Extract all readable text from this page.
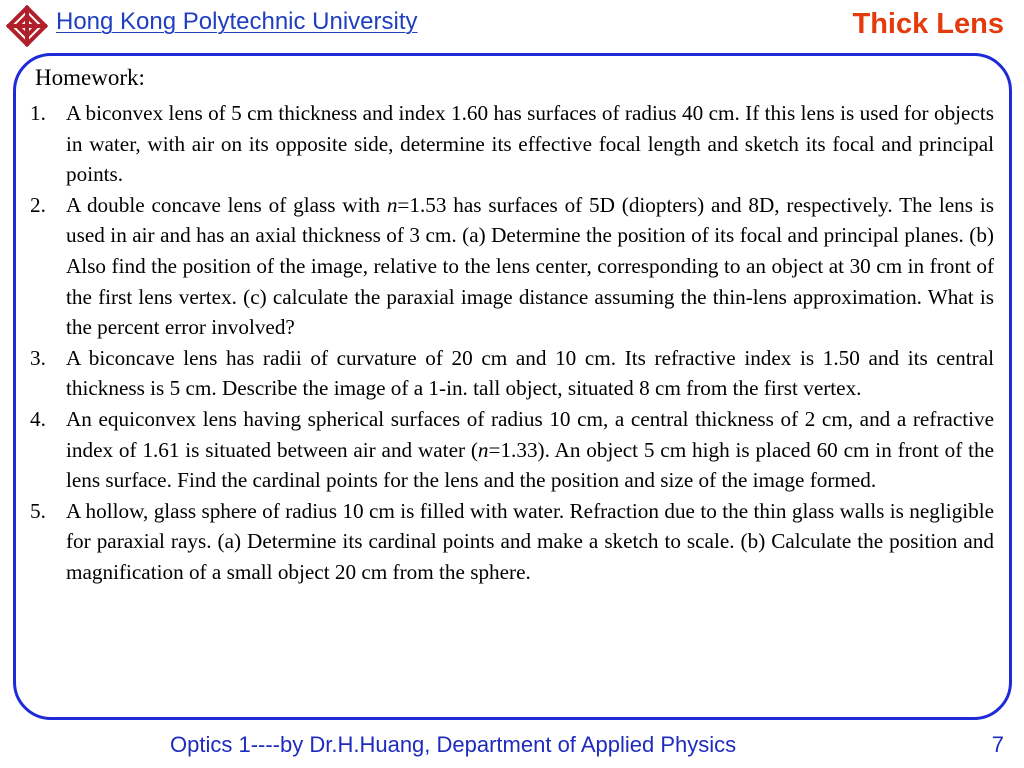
Hong Kong Polytechnic University	Thick Lens
Homework:
1. A biconvex lens of 5 cm thickness and index 1.60 has surfaces of radius 40 cm. If this lens is used for objects in water, with air on its opposite side, determine its effective focal length and sketch its focal and principal points.
2. A double concave lens of glass with n=1.53 has surfaces of 5D (diopters) and 8D, respectively. The lens is used in air and has an axial thickness of 3 cm. (a) Determine the position of its focal and principal planes. (b) Also find the position of the image, relative to the lens center, corresponding to an object at 30 cm in front of the first lens vertex. (c) calculate the paraxial image distance assuming the thin-lens approximation. What is the percent error involved?
3. A biconcave lens has radii of curvature of 20 cm and 10 cm. Its refractive index is 1.50 and its central thickness is 5 cm. Describe the image of a 1-in. tall object, situated 8 cm from the first vertex.
4. An equiconvex lens having spherical surfaces of radius 10 cm, a central thickness of 2 cm, and a refractive index of 1.61 is situated between air and water (n=1.33). An object 5 cm high is placed 60 cm in front of the lens surface. Find the cardinal points for the lens and the position and size of the image formed.
5. A hollow, glass sphere of radius 10 cm is filled with water. Refraction due to the thin glass walls is negligible for paraxial rays. (a) Determine its cardinal points and make a sketch to scale. (b) Calculate the position and magnification of a small object 20 cm from the sphere.
Optics 1----by Dr.H.Huang, Department of Applied Physics	7
